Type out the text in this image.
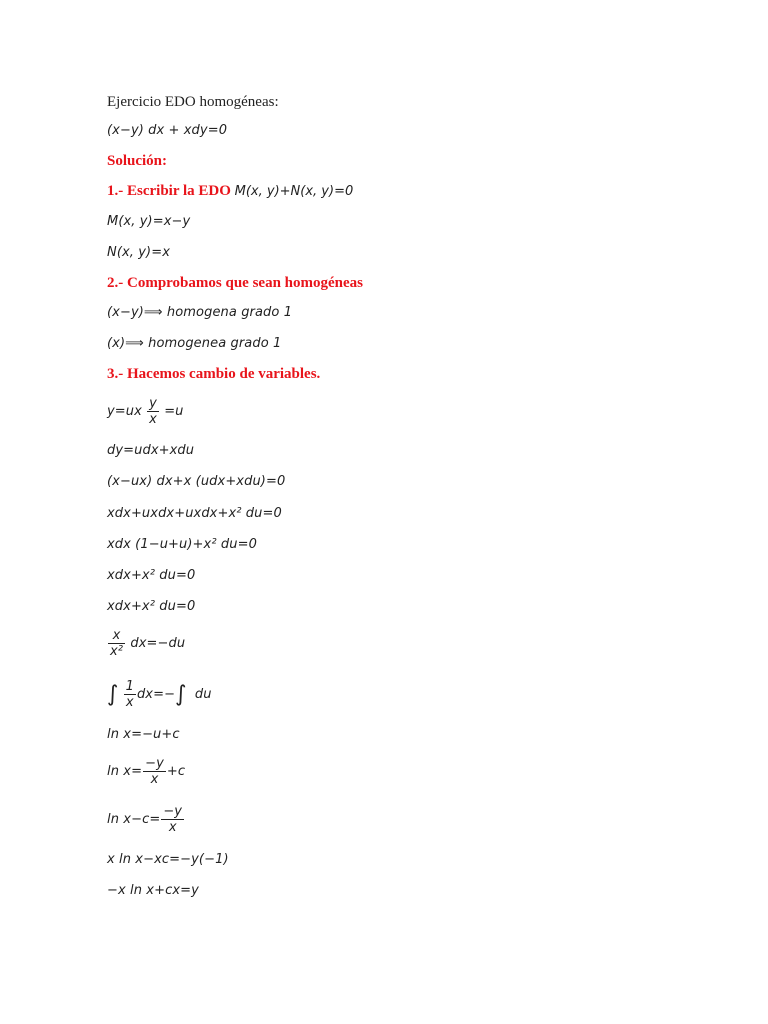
Ejercicio EDO homogéneas:
(x−y) dx + xdy=0
Solución:
1.- Escribir la EDO M(x, y)+N(x, y)=0
M(x, y)=x−y
N(x, y)=x
2.- Comprobamos que sean homogéneas
(x−y)⟹ homogena grado 1
(x)⟹ homogenea grado 1
3.- Hacemos cambio de variables.
$y=ux \frac{y}{x} =u$
dy=udx+xdu
(x−ux) dx+x (udx+xdu)=0
xdx+uxdx+uxdx+x² du=0
xdx (1−u+u)+x² du=0
xdx+x² du=0
xdx+x² du=0
$\frac{x}{\text{x²}} dx=-du$
∫ $\frac{1}{x} dx=-\int$ du
ln x=−u+c
$\ln x= \frac{-y}{x} +c$
$\ln x-c= \frac{-y}{x}$
x ln x−xc=−y(−1)
−x ln x+cx=y
